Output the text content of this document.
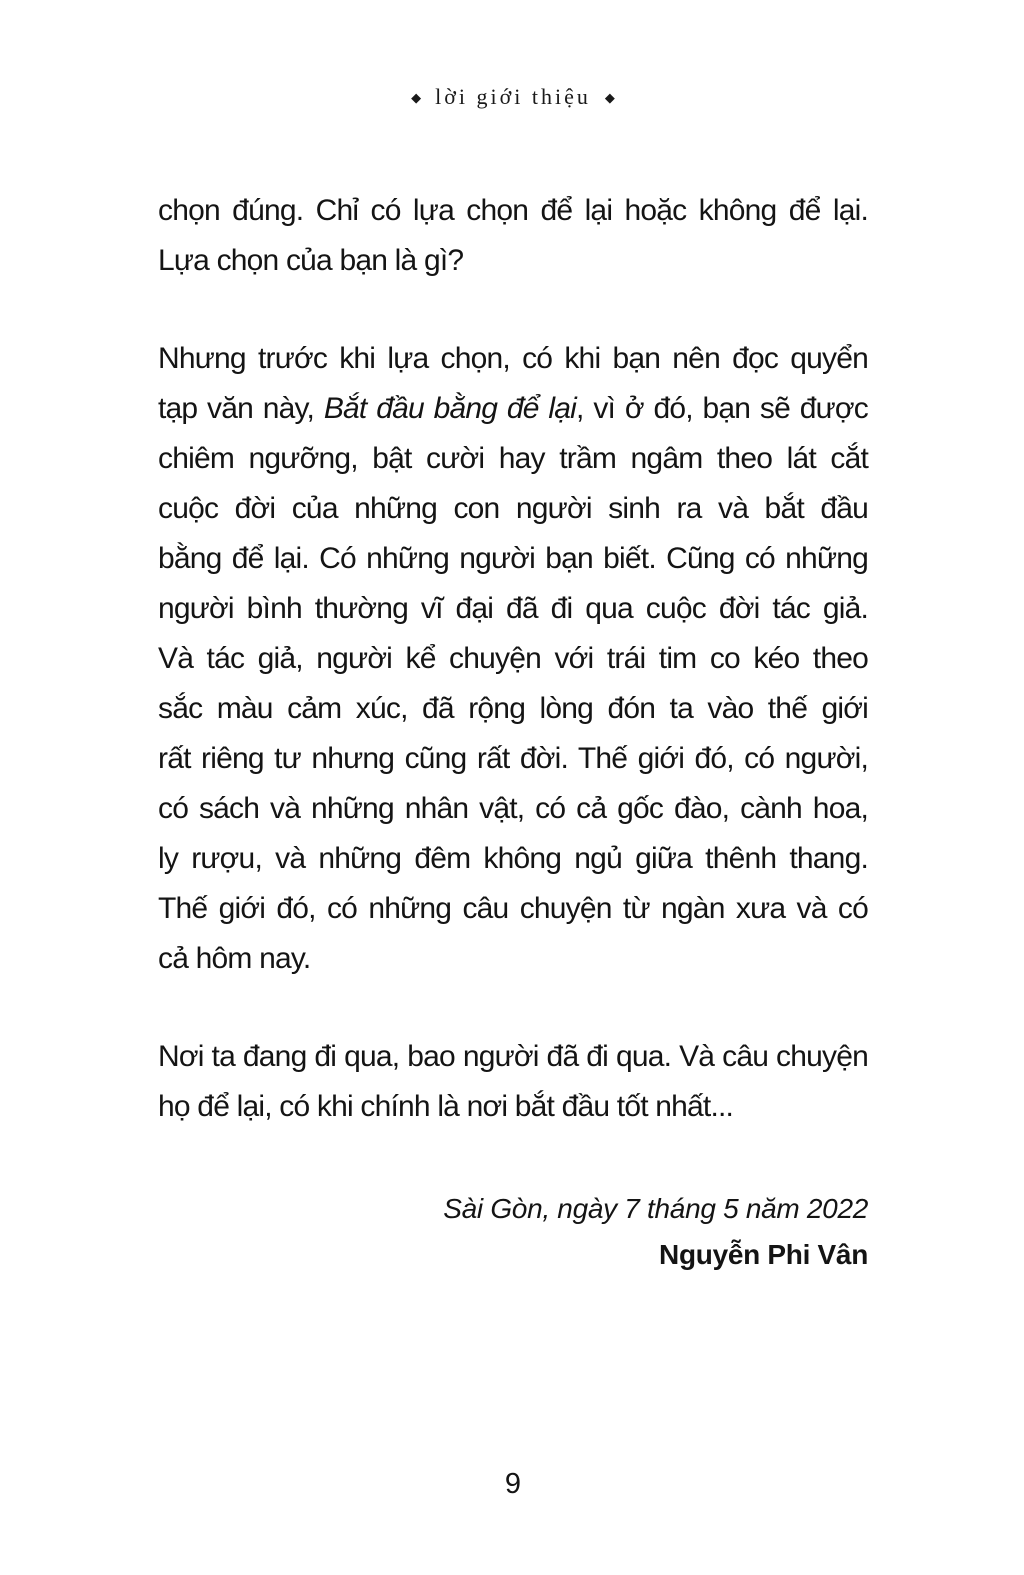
◆ lời giới thiệu ◆
chọn đúng. Chỉ có lựa chọn để lại hoặc không để lại.
Lựa chọn của bạn là gì?
Nhưng trước khi lựa chọn, có khi bạn nên đọc quyển
tạp văn này, Bắt đầu bằng để lại, vì ở đó, bạn sẽ được
chiêm ngưỡng, bật cười hay trầm ngâm theo lát cắt
cuộc đời của những con người sinh ra và bắt đầu
bằng để lại. Có những người bạn biết. Cũng có những
người bình thường vĩ đại đã đi qua cuộc đời tác giả.
Và tác giả, người kể chuyện với trái tim co kéo theo
sắc màu cảm xúc, đã rộng lòng đón ta vào thế giới
rất riêng tư nhưng cũng rất đời. Thế giới đó, có người,
có sách và những nhân vật, có cả gốc đào, cành hoa,
ly rượu, và những đêm không ngủ giữa thênh thang.
Thế giới đó, có những câu chuyện từ ngàn xưa và có
cả hôm nay.
Nơi ta đang đi qua, bao người đã đi qua. Và câu chuyện
họ để lại, có khi chính là nơi bắt đầu tốt nhất...
Sài Gòn, ngày 7 tháng 5 năm 2022
Nguyễn Phi Vân
9
